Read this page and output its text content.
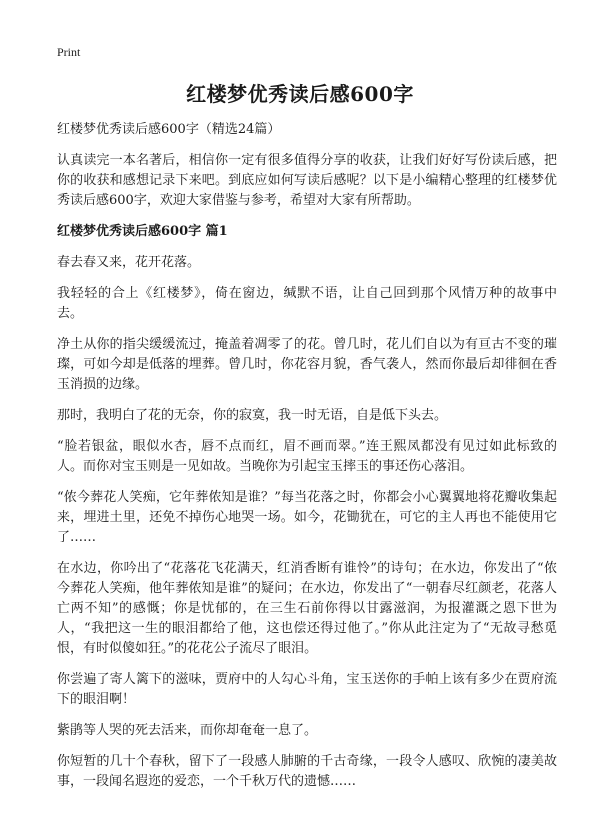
Print
红楼梦优秀读后感600字

红楼梦优秀读后感600字（精选24篇）

认真读完一本名著后，相信你一定有很多值得分享的收获，让我们好好写份读后感，把你的收获和感想记录下来吧。到底应如何写读后感呢？以下是小编精心整理的红楼梦优秀读后感600字，欢迎大家借鉴与参考，希望对大家有所帮助。

红楼梦优秀读后感600字 篇1

春去春又来，花开花落。

我轻轻的合上《红楼梦》，倚在窗边，缄默不语，让自己回到那个风情万种的故事中去。

净土从你的指尖缓缓流过，掩盖着凋零了的花。曾几时，花儿们自以为有亘古不变的璀璨，可如今却是低落的埋葬。曾几时，你花容月貌，香气袭人，然而你最后却徘徊在香玉消损的边缘。

那时，我明白了花的无奈，你的寂寞，我一时无语，自是低下头去。

“脸若银盆，眼似水杏，唇不点而红，眉不画而翠。”连王熙凤都没有见过如此标致的人。而你对宝玉则是一见如故。当晚你为引起宝玉摔玉的事还伤心落泪。

“侬今葬花人笑痴，它年葬侬知是谁？”每当花落之时，你都会小心翼翼地将花瓣收集起来，埋进土里，还免不掉伤心地哭一场。如今，花锄犹在，可它的主人再也不能使用它了……

在水边，你吟出了“花落花飞花满天，红消香断有谁怜”的诗句；在水边，你发出了“侬今葬花人笑痴，他年葬侬知是谁”的疑问；在水边，你发出了“一朝春尽红颜老，花落人亡两不知”的感慨；你是忧郁的，在三生石前你得以甘露滋润，为报灌溉之恩下世为人，“我把这一生的眼泪都给了他，这也偿还得过他了。”你从此注定为了“无故寻愁觅恨，有时似傻如狂。”的花花公子流尽了眼泪。

你尝遍了寄人篱下的滋味，贾府中的人勾心斗角，宝玉送你的手帕上该有多少在贾府流下的眼泪啊！

紫鹃等人哭的死去活来，而你却奄奄一息了。

你短暂的几十个春秋，留下了一段感人肺腑的千古奇缘，一段令人感叹、欣惋的凄美故事，一段闻名遐迩的爱恋，一个千秋万代的遗憾……
